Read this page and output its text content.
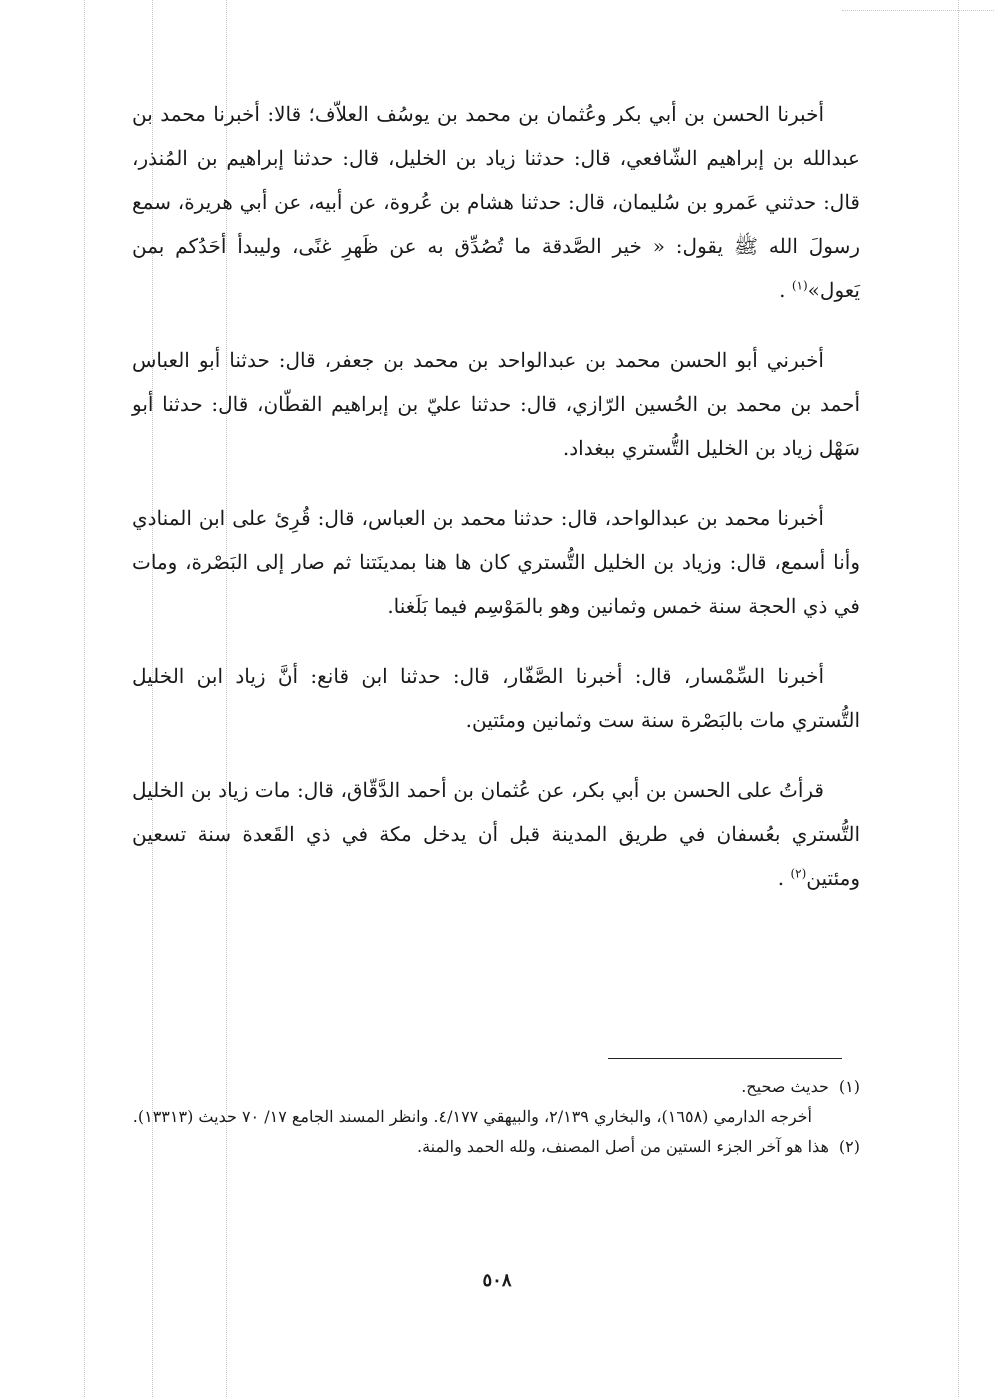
أخبرنا الحسن بن أبي بكر وعُثمان بن محمد بن يوسُف العلاّف؛ قالا: أخبرنا محمد بن عبدالله بن إبراهيم الشّافعي، قال: حدثنا زياد بن الخليل، قال: حدثنا إبراهيم بن المُنذر، قال: حدثني عَمرو بن سُليمان، قال: حدثنا هشام بن عُروة، عن أبيه، عن أبي هريرة، سمع رسولَ الله ﷺ يقول: « خير الصَّدقة ما تُصُدِّق به عن ظَهرِ غنًى، وليبدأ أحَدُكم بمن يَعول»$^{(١)}$ .

أخبرني أبو الحسن محمد بن عبدالواحد بن محمد بن جعفر، قال: حدثنا أبو العباس أحمد بن محمد بن الحُسين الرّازي، قال: حدثنا عليّ بن إبراهيم القطّان، قال: حدثنا أبو سَهْل زياد بن الخليل التُّستري ببغداد.

أخبرنا محمد بن عبدالواحد، قال: حدثنا محمد بن العباس، قال: قُرِئ على ابن المنادي وأنا أسمع، قال: وزياد بن الخليل التُّستري كان ها هنا بمدينَتنا ثم صار إلى البَصْرة، ومات في ذي الحجة سنة خمس وثمانين وهو بالمَوْسِم فيما بَلَغنا.

أخبرنا السِّمْسار، قال: أخبرنا الصَّفّار، قال: حدثنا ابن قانع: أنَّ زياد ابن الخليل التُّستري مات بالبَصْرة سنة ست وثمانين ومئتين.

قرأتُ على الحسن بن أبي بكر، عن عُثمان بن أحمد الدَّقّاق، قال: مات زياد بن الخليل التُّستري بعُسفان في طريق المدينة قبل أن يدخل مكة في ذي القَعدة سنة تسعين ومئتين$^{(٢)}$ .

(١)حديث صحيح.

أخرجه الدارمي (١٦٥٨)، والبخاري ٢/١٣٩، والبيهقي ٤/١٧٧. وانظر المسند الجامع ١٧/ ٧٠ حديث (١٣٣١٣).

(٢)هذا هو آخر الجزء الستين من أصل المصنف، ولله الحمد والمنة.

٥٠٨
